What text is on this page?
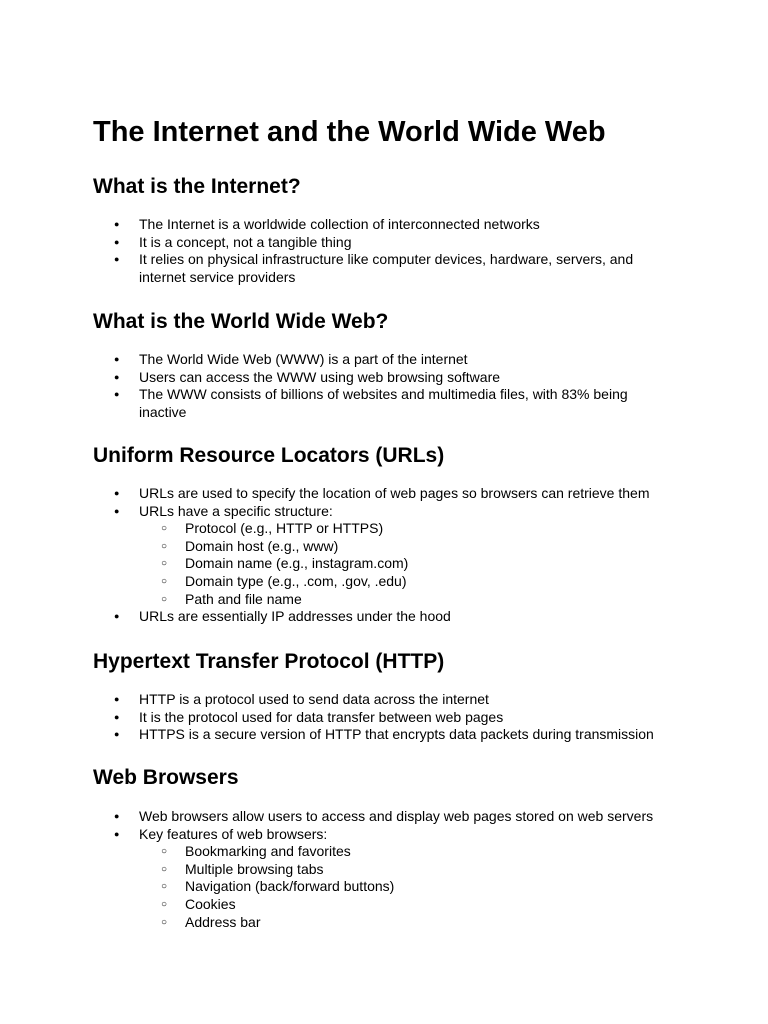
The Internet and the World Wide Web
What is the Internet?
● The Internet is a worldwide collection of interconnected networks
● It is a concept, not a tangible thing
● It relies on physical infrastructure like computer devices, hardware, servers, and internet service providers
What is the World Wide Web?
● The World Wide Web (WWW) is a part of the internet
● Users can access the WWW using web browsing software
● The WWW consists of billions of websites and multimedia files, with 83% being inactive
Uniform Resource Locators (URLs)
● URLs are used to specify the location of web pages so browsers can retrieve them
● URLs have a specific structure:
○ Protocol (e.g., HTTP or HTTPS)
○ Domain host (e.g., www)
○ Domain name (e.g., instagram.com)
○ Domain type (e.g., .com, .gov, .edu)
○ Path and file name
● URLs are essentially IP addresses under the hood
Hypertext Transfer Protocol (HTTP)
● HTTP is a protocol used to send data across the internet
● It is the protocol used for data transfer between web pages
● HTTPS is a secure version of HTTP that encrypts data packets during transmission
Web Browsers
● Web browsers allow users to access and display web pages stored on web servers
● Key features of web browsers:
○ Bookmarking and favorites
○ Multiple browsing tabs
○ Navigation (back/forward buttons)
○ Cookies
○ Address bar
